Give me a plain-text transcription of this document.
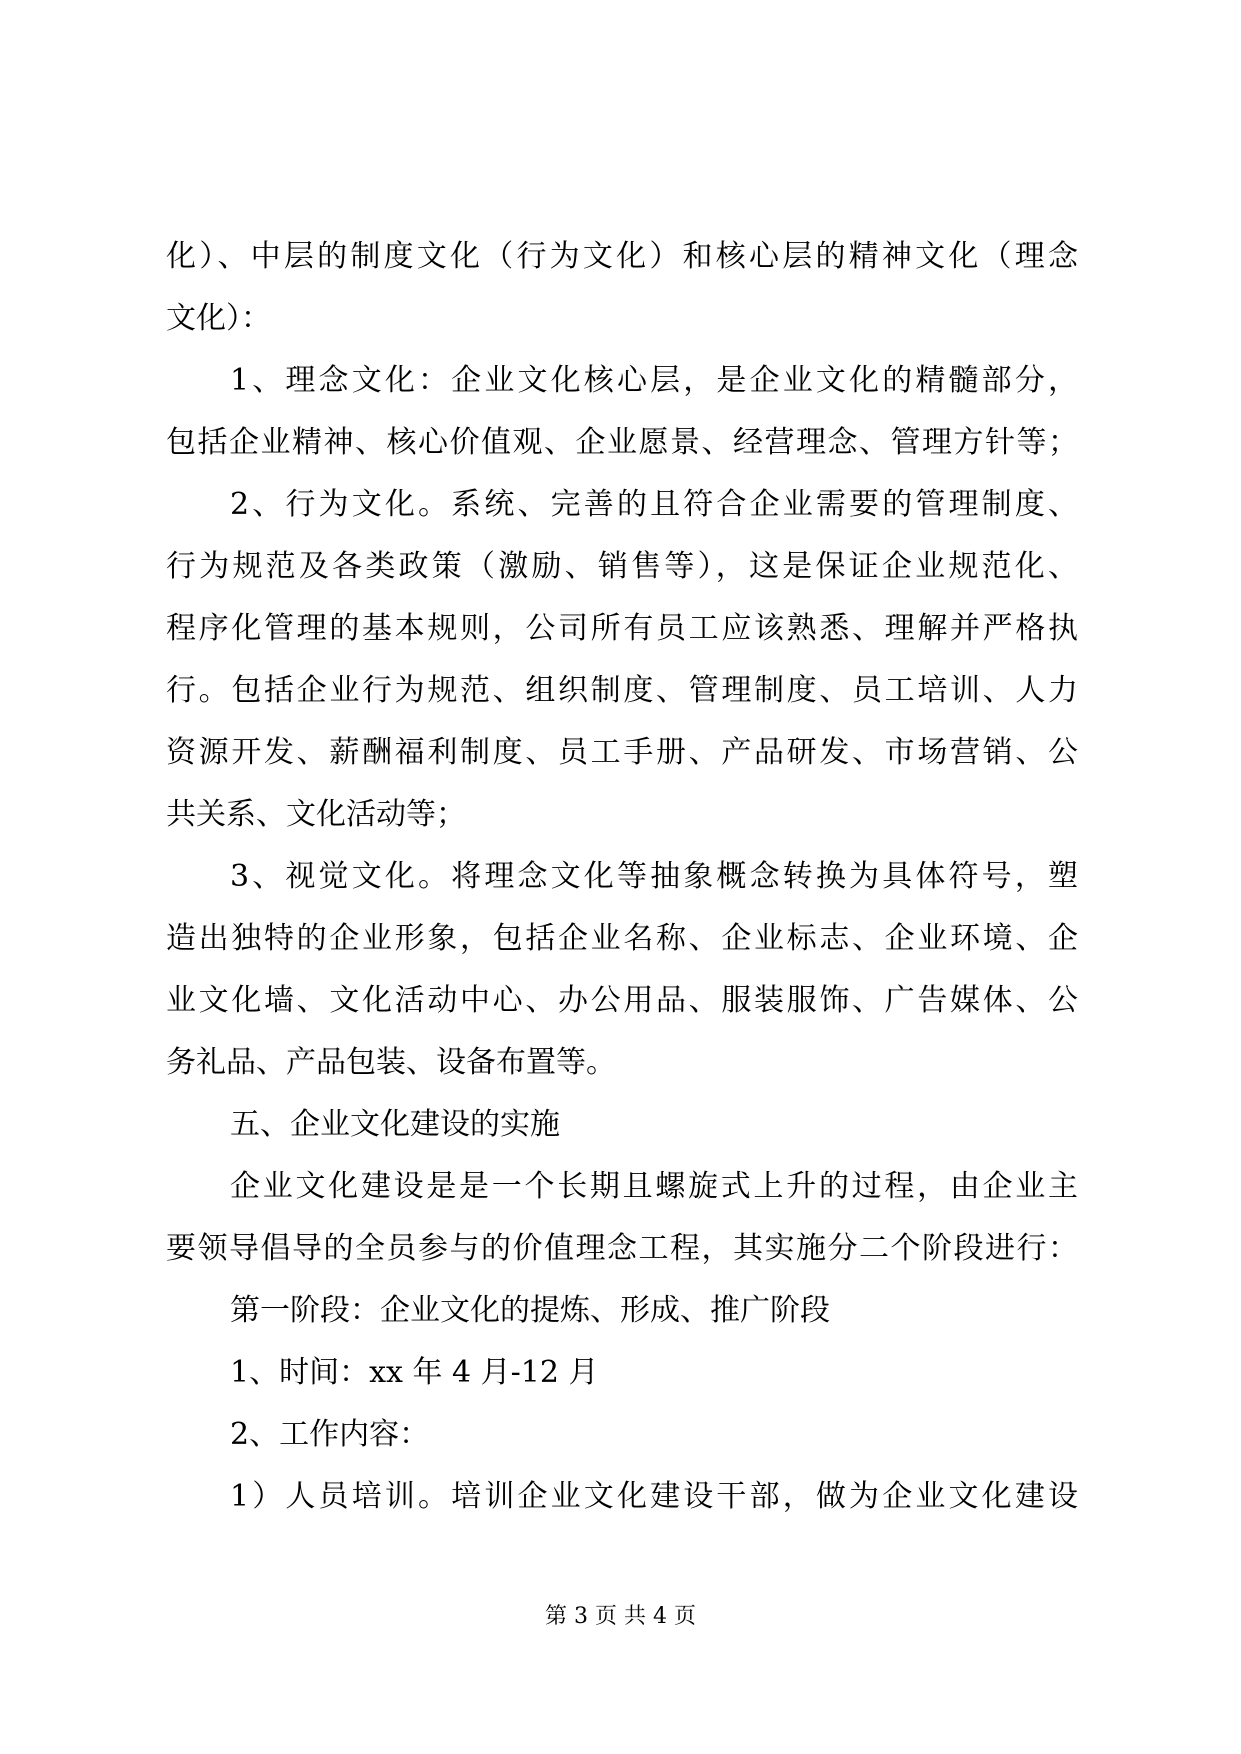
化）、中层的制度文化（行为文化）和核心层的精神文化（理念
文化）：
1、理念文化：企业文化核心层，是企业文化的精髓部分，
包括企业精神、核心价值观、企业愿景、经营理念、管理方针等；
2、行为文化。系统、完善的且符合企业需要的管理制度、
行为规范及各类政策（激励、销售等），这是保证企业规范化、
程序化管理的基本规则，公司所有员工应该熟悉、理解并严格执
行。包括企业行为规范、组织制度、管理制度、员工培训、人力
资源开发、薪酬福利制度、员工手册、产品研发、市场营销、公
共关系、文化活动等；
3、视觉文化。将理念文化等抽象概念转换为具体符号，塑
造出独特的企业形象，包括企业名称、企业标志、企业环境、企
业文化墙、文化活动中心、办公用品、服装服饰、广告媒体、公
务礼品、产品包装、设备布置等。
五、企业文化建设的实施
企业文化建设是是一个长期且螺旋式上升的过程，由企业主
要领导倡导的全员参与的价值理念工程，其实施分二个阶段进行：
第一阶段：企业文化的提炼、形成、推广阶段
1、时间：xx 年 4 月-12 月
2、工作内容：
1）人员培训。培训企业文化建设干部，做为企业文化建设
第 3 页 共 4 页
